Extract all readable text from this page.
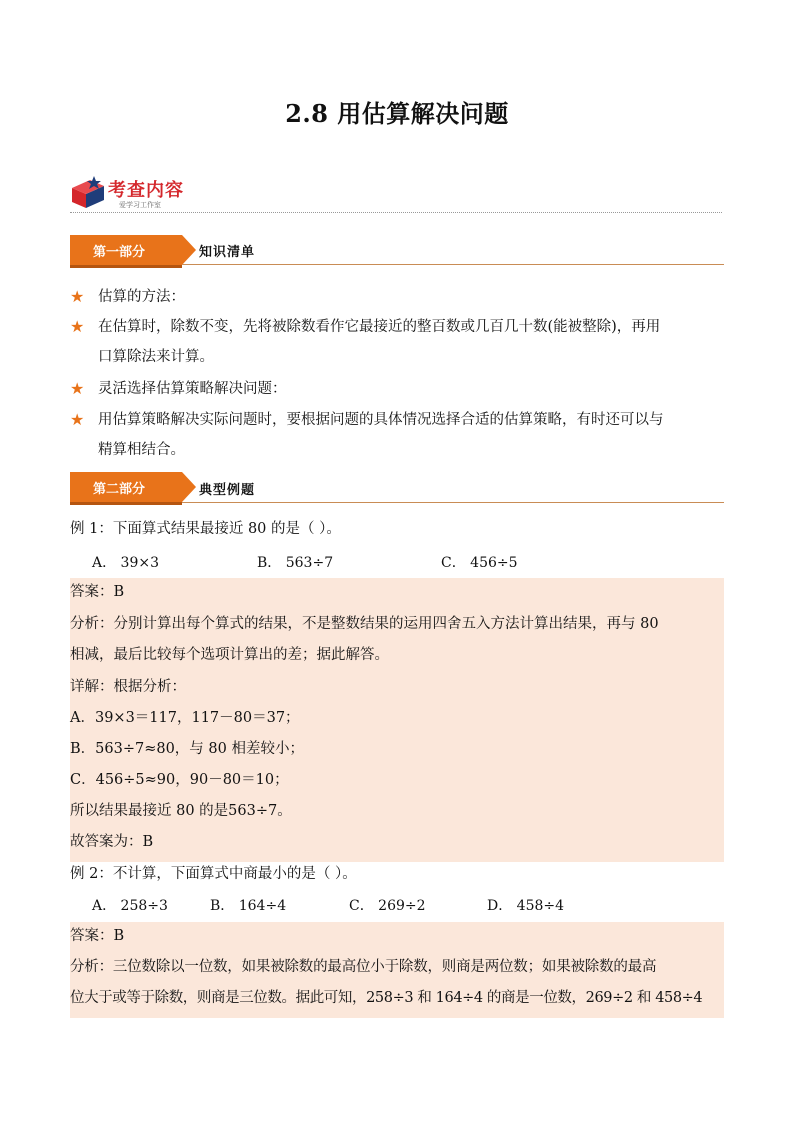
2.8 用估算解决问题
考查内容
爱学习工作室
第一部分	知识清单
★ 估算的方法：
★ 在估算时，除数不变，先将被除数看作它最接近的整百数或几百几十数(能被整除)，再用
口算除法来计算。
★ 灵活选择估算策略解决问题：
★ 用估算策略解决实际问题时，要根据问题的具体情况选择合适的估算策略，有时还可以与
精算相结合。
第二部分	典型例题
例 1：下面算式结果最接近 80 的是（ ）。
A． 39×3	B． 563÷7	C． 456÷5
答案：B
分析：分别计算出每个算式的结果，不是整数结果的运用四舍五入方法计算出结果，再与 80
相减，最后比较每个选项计算出的差；据此解答。
详解：根据分析：
A．39×3＝117，117－80＝37；
B．563÷7≈80，与 80 相差较小；
C．456÷5≈90，90－80＝10；
所以结果最接近 80 的是563÷7。
故答案为：B
例 2：不计算，下面算式中商最小的是（ ）。
A． 258÷3	B． 164÷4	C． 269÷2	D． 458÷4
答案：B
分析：三位数除以一位数，如果被除数的最高位小于除数，则商是两位数；如果被除数的最高
位大于或等于除数，则商是三位数。据此可知，258÷3 和 164÷4 的商是一位数，269÷2 和 458÷4
